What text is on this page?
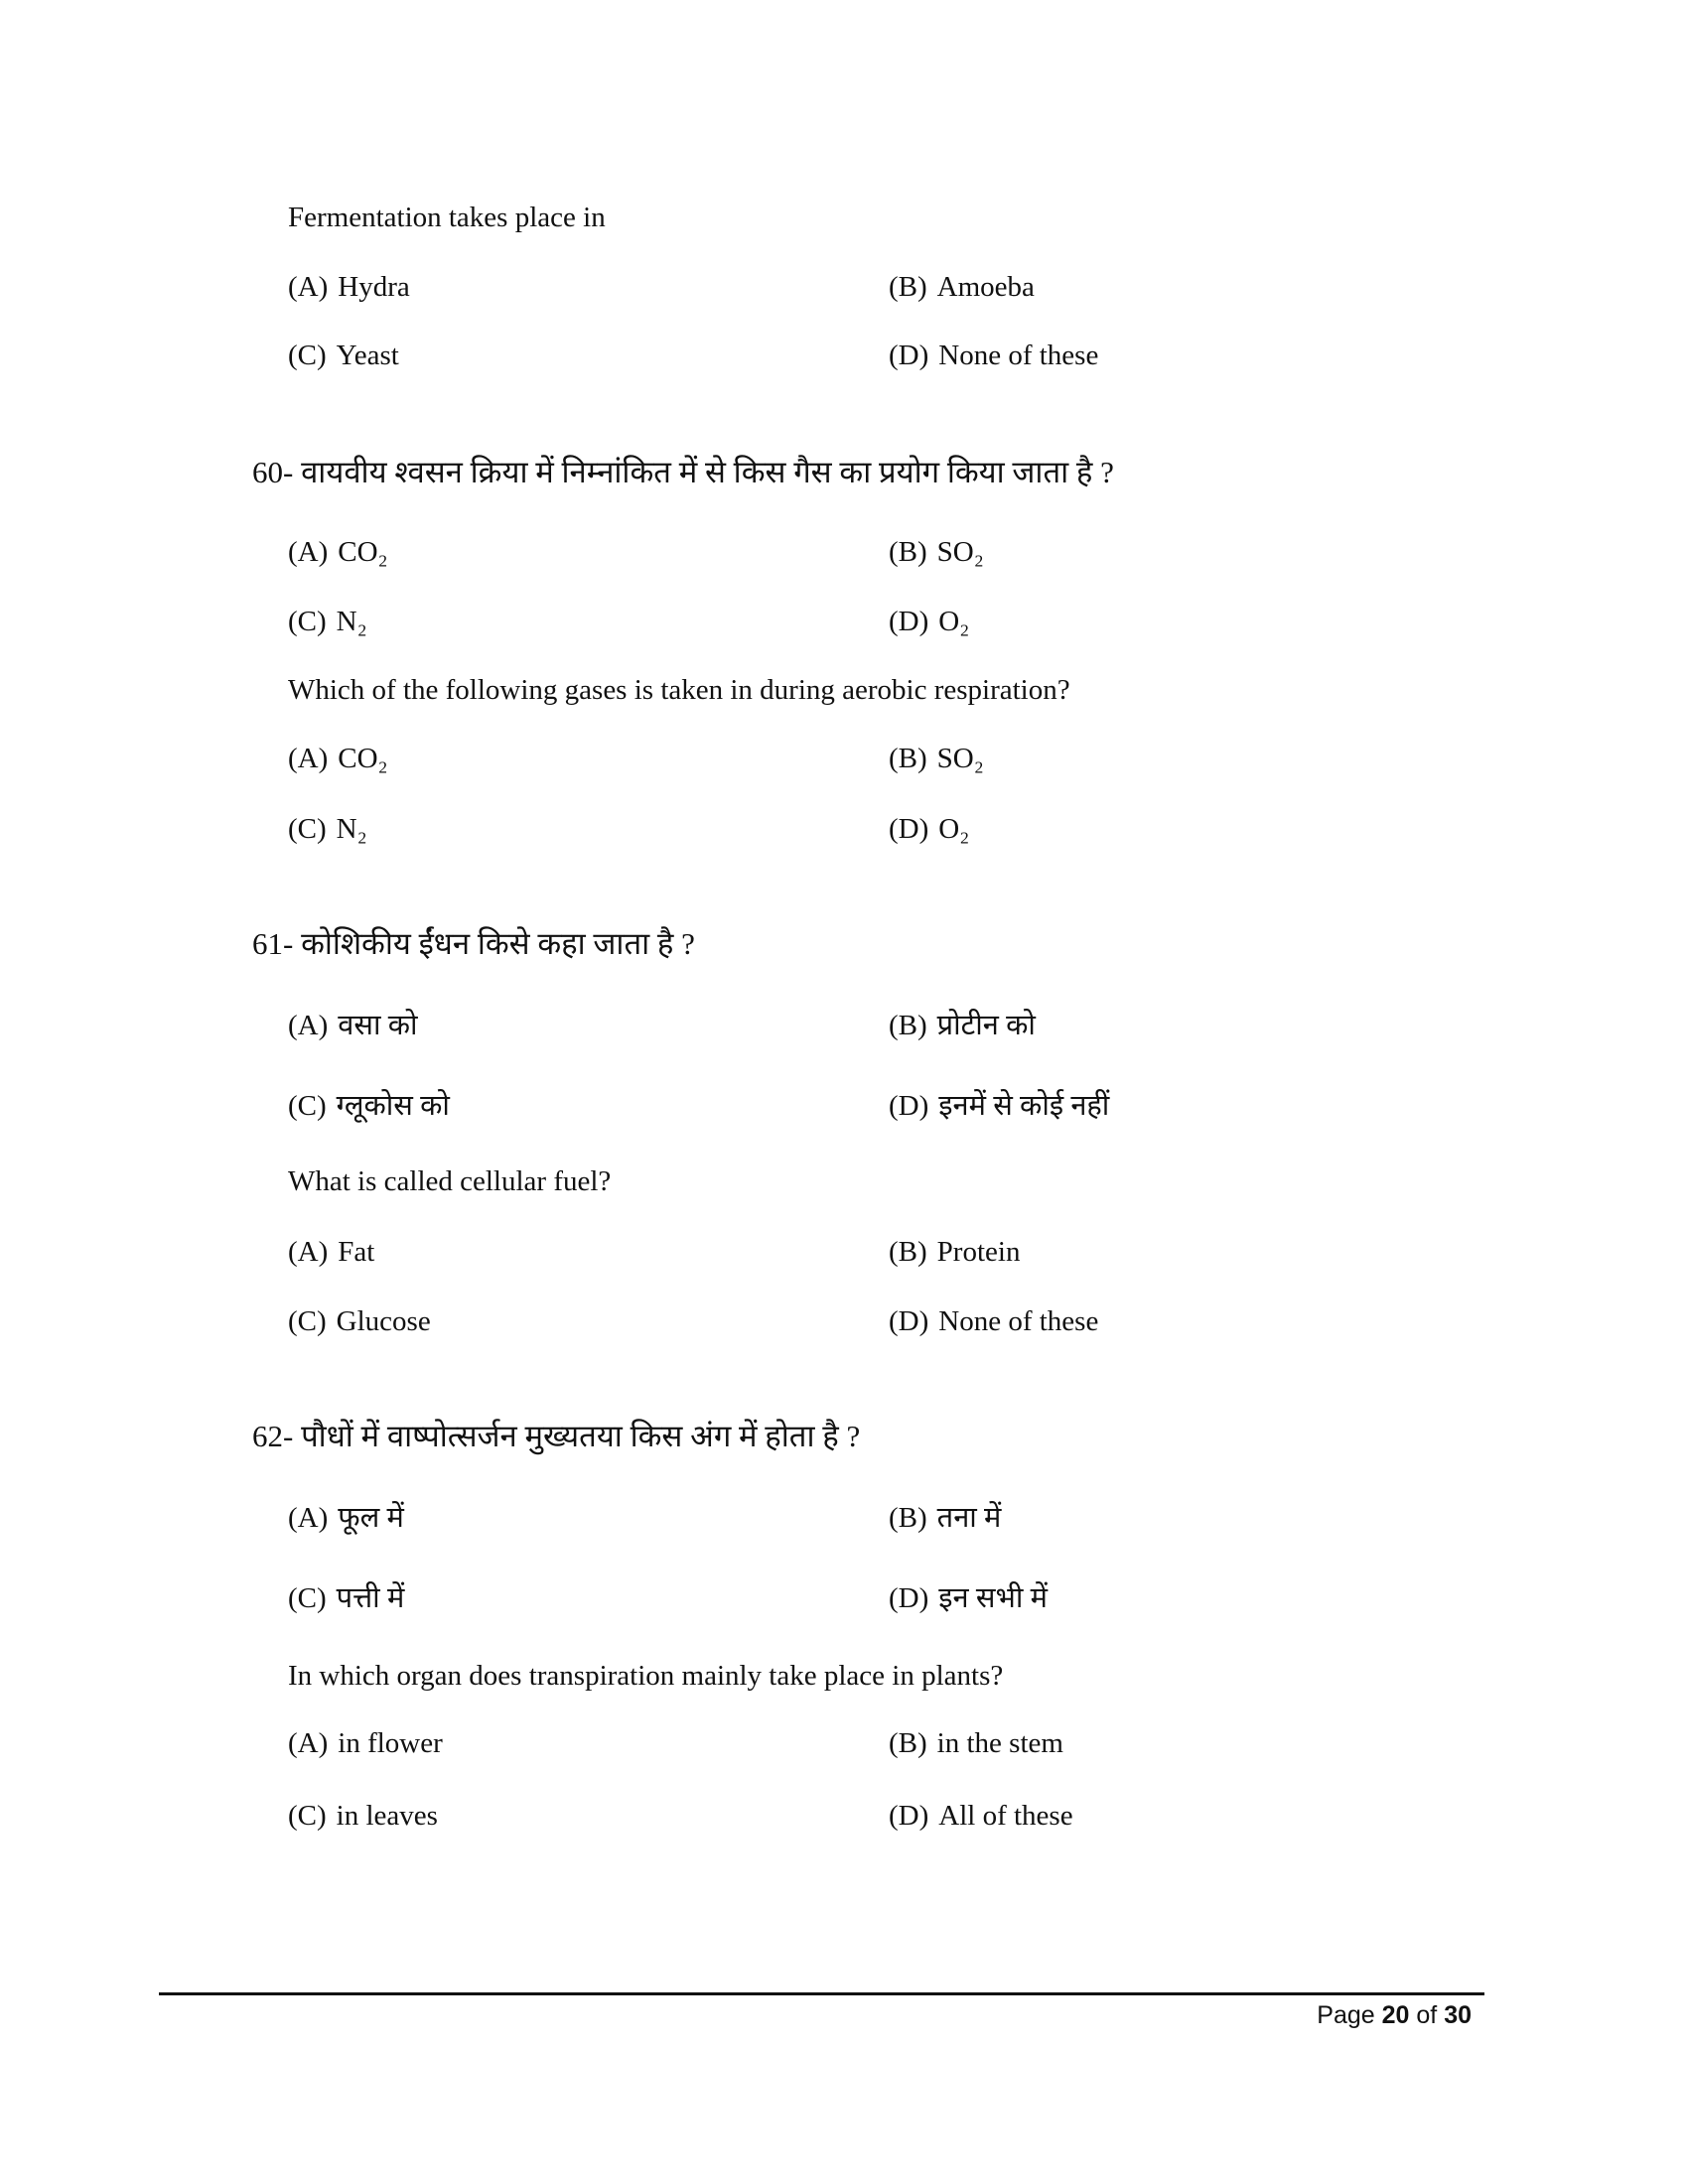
Fermentation takes place in
(A) Hydra	(B) Amoeba
(C) Yeast	(D) None of these
60- वायवीय श्वसन क्रिया में निम्नांकित में से किस गैस का प्रयोग किया जाता है ?
(A) CO₂	(B) SO₂
(C) N₂	(D) O₂
Which of the following gases is taken in during aerobic respiration?
(A) CO₂	(B) SO₂
(C) N₂	(D) O₂
61- कोशिकीय ईंधन किसे कहा जाता है ?
(A) वसा को	(B) प्रोटीन को
(C) ग्लूकोस को	(D) इनमें से कोई नहीं
What is called cellular fuel?
(A) Fat	(B) Protein
(C) Glucose	(D) None of these
62- पौधों में वाष्पोत्सर्जन मुख्यतया किस अंग में होता है ?
(A) फूल में	(B) तना में
(C) पत्ती में	(D) इन सभी में
In which organ does transpiration mainly take place in plants?
(A) in flower	(B) in the stem
(C) in leaves	(D) All of these
Page 20 of 30
